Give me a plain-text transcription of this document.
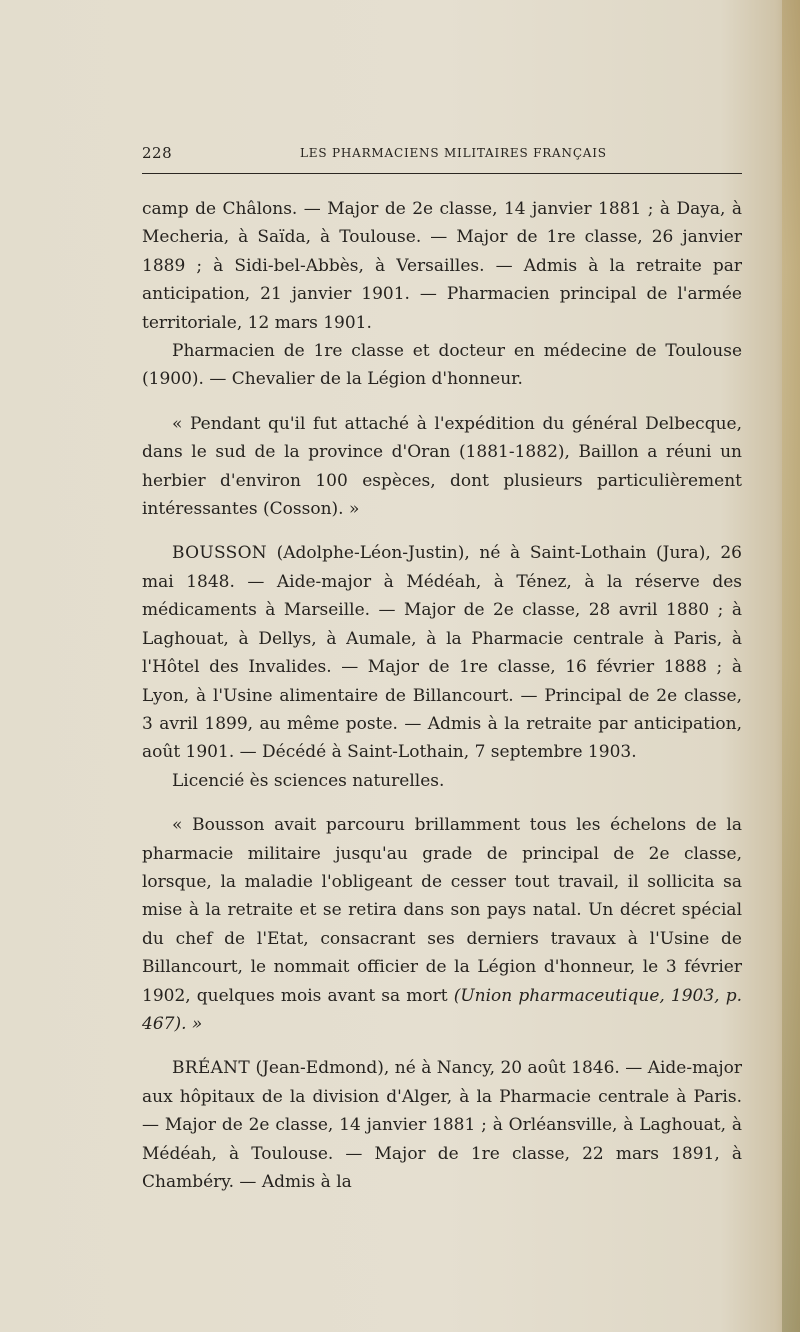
228	LES PHARMACIENS MILITAIRES FRANÇAIS

camp de Châlons. — Major de 2e classe, 14 janvier 1881 ; à Daya, à Mecheria, à Saïda, à Toulouse. — Major de 1re classe, 26 janvier 1889 ; à Sidi-bel-Abbès, à Versailles. — Admis à la retraite par anticipation, 21 janvier 1901. — Pharmacien principal de l'armée territoriale, 12 mars 1901.

Pharmacien de 1re classe et docteur en médecine de Toulouse (1900). — Chevalier de la Légion d'honneur.

« Pendant qu'il fut attaché à l'expédition du général Delbecque, dans le sud de la province d'Oran (1881-1882), Baillon a réuni un herbier d'environ 100 espèces, dont plusieurs particulièrement intéressantes (Cosson). »

BOUSSON (Adolphe-Léon-Justin), né à Saint-Lothain (Jura), 26 mai 1848. — Aide-major à Médéah, à Ténez, à la réserve des médicaments à Marseille. — Major de 2e classe, 28 avril 1880 ; à Laghouat, à Dellys, à Aumale, à la Pharmacie centrale à Paris, à l'Hôtel des Invalides. — Major de 1re classe, 16 février 1888 ; à Lyon, à l'Usine alimentaire de Billancourt. — Principal de 2e classe, 3 avril 1899, au même poste. — Admis à la retraite par anticipation, août 1901. — Décédé à Saint-Lothain, 7 septembre 1903.

Licencié ès sciences naturelles.

« Bousson avait parcouru brillamment tous les échelons de la pharmacie militaire jusqu'au grade de principal de 2e classe, lorsque, la maladie l'obligeant de cesser tout travail, il sollicita sa mise à la retraite et se retira dans son pays natal. Un décret spécial du chef de l'Etat, consacrant ses derniers travaux à l'Usine de Billancourt, le nommait officier de la Légion d'honneur, le 3 février 1902, quelques mois avant sa mort (Union pharmaceutique, 1903, p. 467). »

BRÉANT (Jean-Edmond), né à Nancy, 20 août 1846. — Aide-major aux hôpitaux de la division d'Alger, à la Pharmacie centrale à Paris. — Major de 2e classe, 14 janvier 1881 ; à Orléansville, à Laghouat, à Médéah, à Toulouse. — Major de 1re classe, 22 mars 1891, à Chambéry. — Admis à la
